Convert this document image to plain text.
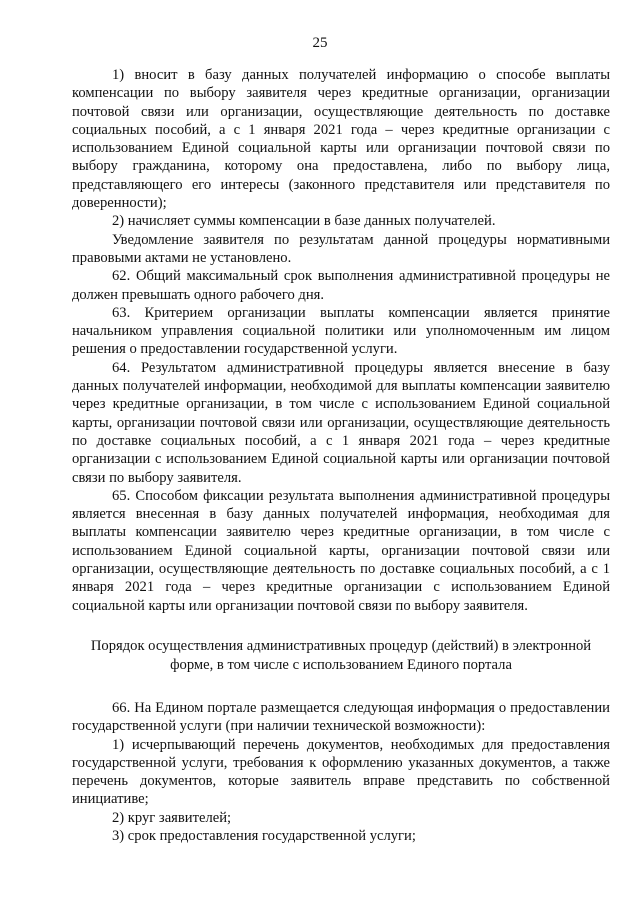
25

1) вносит в базу данных получателей информацию о способе выплаты компенсации по выбору заявителя через кредитные организации, организации почтовой связи или организации, осуществляющие деятельность по доставке социальных пособий, а с 1 января 2021 года – через кредитные организации с использованием Единой социальной карты или организации почтовой связи по выбору гражданина, которому она предоставлена, либо по выбору лица, представляющего его интересы (законного представителя или представителя по доверенности);

2) начисляет суммы компенсации в базе данных получателей.

Уведомление заявителя по результатам данной процедуры нормативными правовыми актами не установлено.

62. Общий максимальный срок выполнения административной процедуры не должен превышать одного рабочего дня.

63. Критерием организации выплаты компенсации является принятие начальником управления социальной политики или уполномоченным им лицом решения о предоставлении государственной услуги.

64. Результатом административной процедуры является внесение в базу данных получателей информации, необходимой для выплаты компенсации заявителю через кредитные организации, в том числе с использованием Единой социальной карты, организации почтовой связи или организации, осуществляющие деятельность по доставке социальных пособий, а с 1 января 2021 года – через кредитные организации с использованием Единой социальной карты или организации почтовой связи по выбору заявителя.

65. Способом фиксации результата выполнения административной процедуры является внесенная в базу данных получателей информация, необходимая для выплаты компенсации заявителю через кредитные организации, в том числе с использованием Единой социальной карты, организации почтовой связи или организации, осуществляющие деятельность по доставке социальных пособий, а с 1 января 2021 года – через кредитные организации с использованием Единой социальной карты или организации почтовой связи по выбору заявителя.

Порядок осуществления административных процедур (действий) в электронной
форме, в том числе с использованием Единого портала

66. На Едином портале размещается следующая информация о предоставлении государственной услуги (при наличии технической возможности):

1) исчерпывающий перечень документов, необходимых для предоставления государственной услуги, требования к оформлению указанных документов, а также перечень документов, которые заявитель вправе представить по собственной инициативе;

2) круг заявителей;

3) срок предоставления государственной услуги;
